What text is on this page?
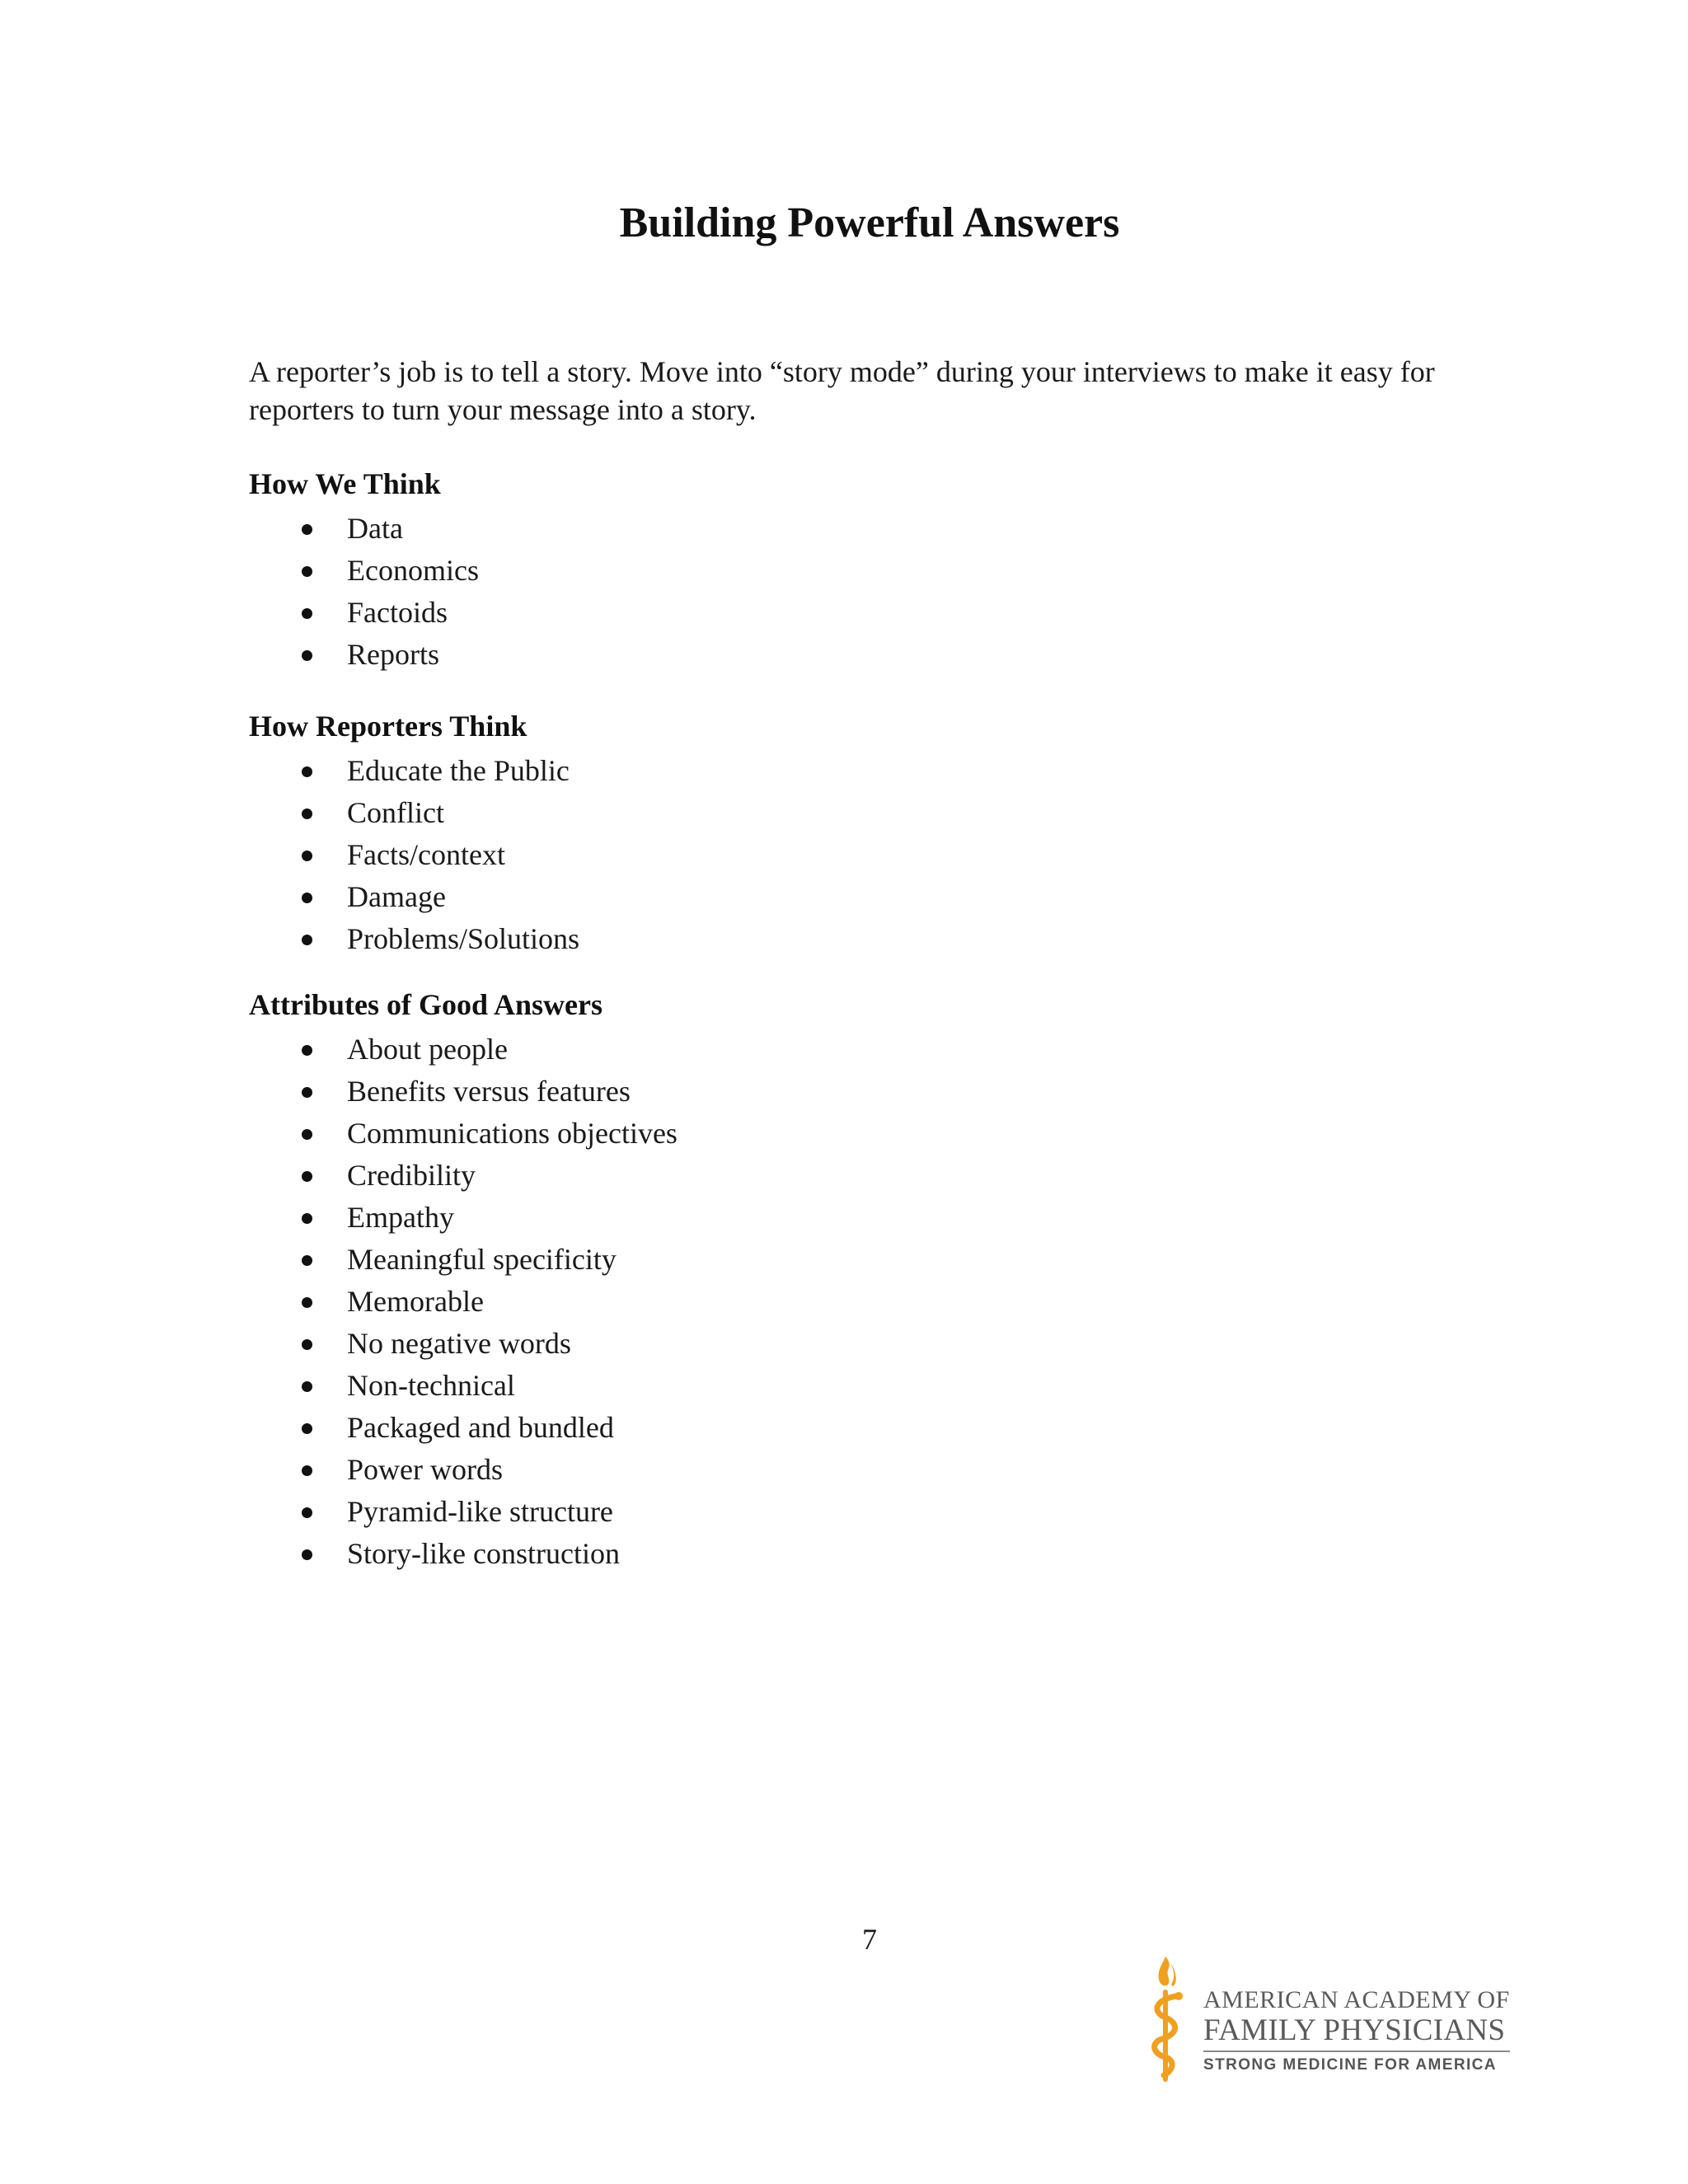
Building Powerful Answers

A reporter’s job is to tell a story. Move into “story mode” during your interviews to make it easy for reporters to turn your message into a story.

How We Think
Data
Economics
Factoids
Reports
How Reporters Think
Educate the Public
Conflict
Facts/context
Damage
Problems/Solutions
Attributes of Good Answers
About people
Benefits versus features
Communications objectives
Credibility
Empathy
Meaningful specificity
Memorable
No negative words
Non-technical
Packaged and bundled
Power words
Pyramid-like structure
Story-like construction
7
AMERICAN ACADEMY OF
FAMILY PHYSICIANS
STRONG MEDICINE FOR AMERICA
